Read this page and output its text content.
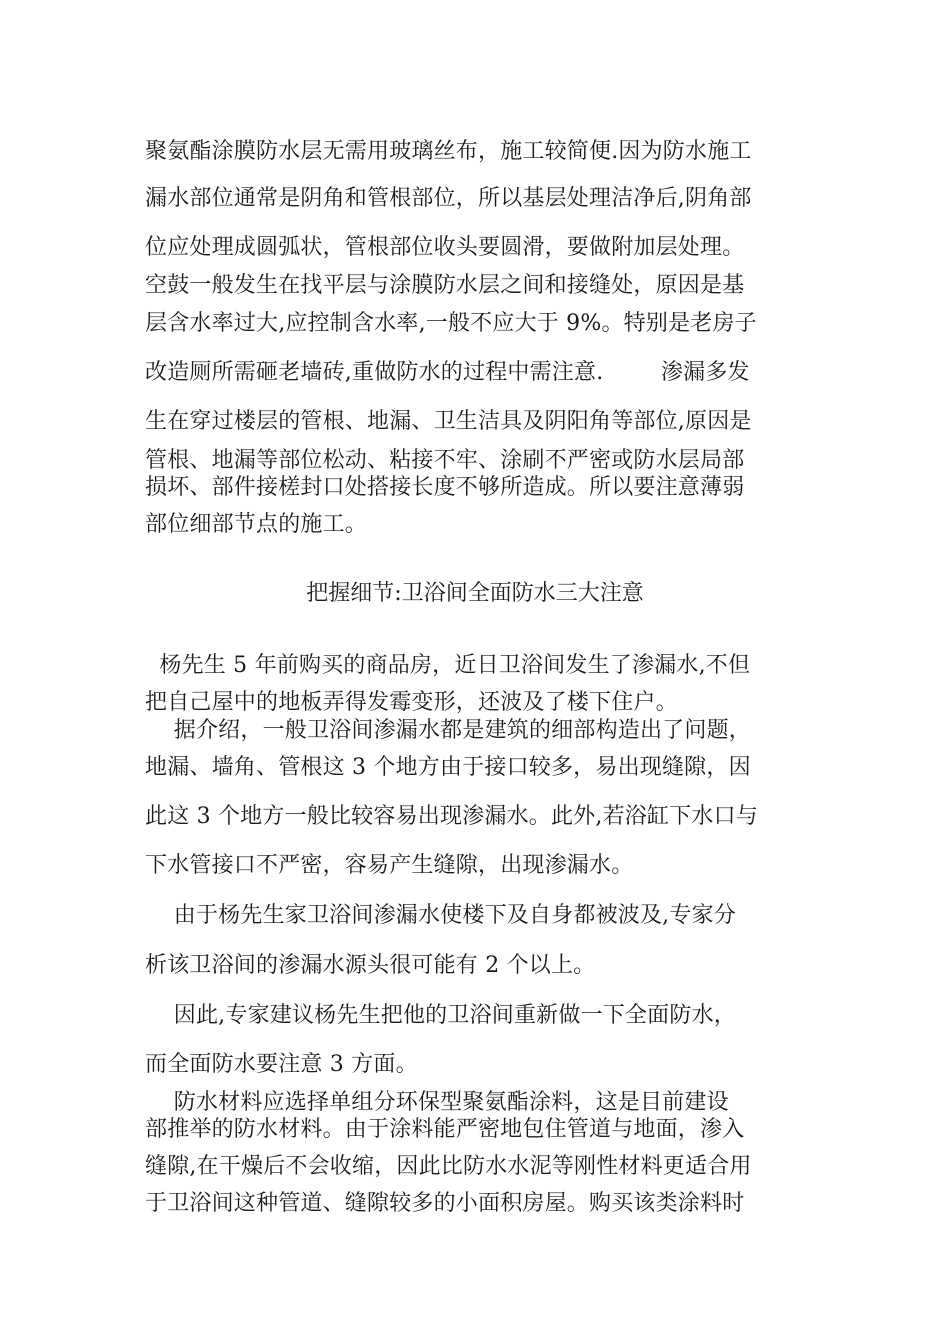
聚氨酯涂膜防水层无需用玻璃丝布，施工较简便.因为防水施工
漏水部位通常是阴角和管根部位，所以基层处理洁净后,阴角部
位应处理成圆弧状，管根部位收头要圆滑，要做附加层处理。
空鼓一般发生在找平层与涂膜防水层之间和接缝处，原因是基
层含水率过大,应控制含水率,一般不应大于 9%。特别是老房子
改造厕所需砸老墙砖,重做防水的过程中需注意.        渗漏多发
生在穿过楼层的管根、地漏、卫生洁具及阴阳角等部位,原因是
管根、地漏等部位松动、粘接不牢、涂刷不严密或防水层局部
损坏、部件接槎封口处搭接长度不够所造成。所以要注意薄弱
部位细部节点的施工。
把握细节:卫浴间全面防水三大注意
杨先生 5 年前购买的商品房，近日卫浴间发生了渗漏水,不但
把自己屋中的地板弄得发霉变形，还波及了楼下住户。
据介绍，一般卫浴间渗漏水都是建筑的细部构造出了问题，
地漏、墙角、管根这 3 个地方由于接口较多，易出现缝隙，因
此这 3 个地方一般比较容易出现渗漏水。此外,若浴缸下水口与
下水管接口不严密，容易产生缝隙，出现渗漏水。
由于杨先生家卫浴间渗漏水使楼下及自身都被波及,专家分
析该卫浴间的渗漏水源头很可能有 2 个以上。
因此,专家建议杨先生把他的卫浴间重新做一下全面防水，
而全面防水要注意 3 方面。
防水材料应选择单组分环保型聚氨酯涂料，这是目前建设
部推举的防水材料。由于涂料能严密地包住管道与地面，渗入
缝隙,在干燥后不会收缩，因此比防水水泥等刚性材料更适合用
于卫浴间这种管道、缝隙较多的小面积房屋。购买该类涂料时
